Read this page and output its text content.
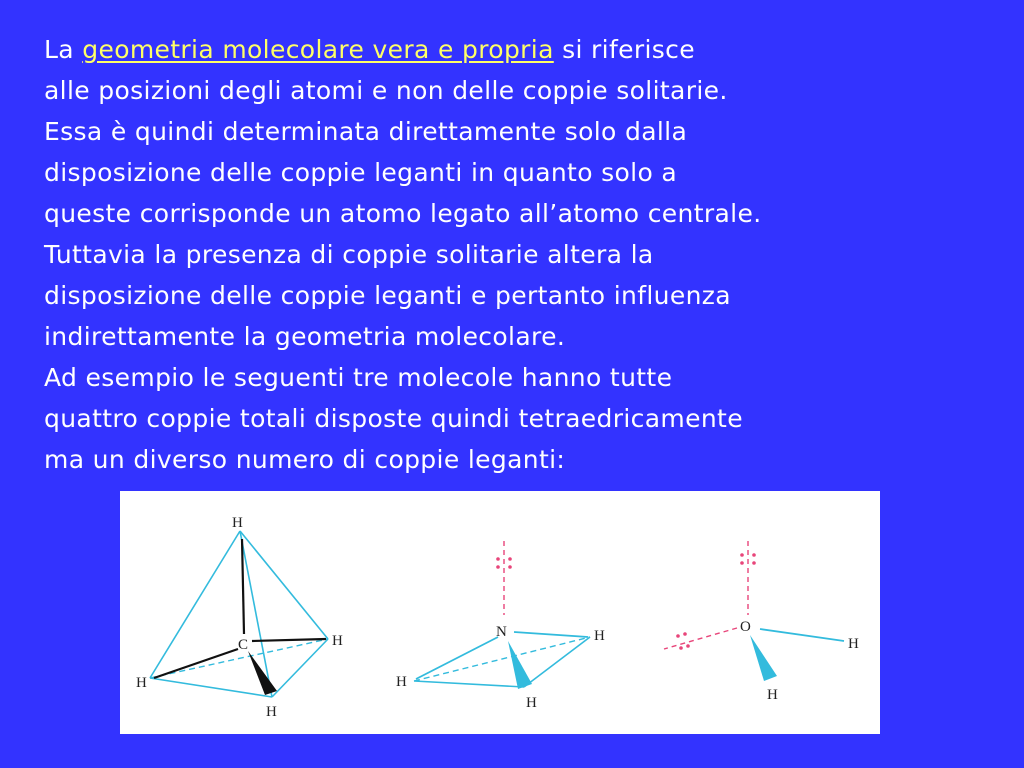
La geometria molecolare vera e propria si riferisce
alle posizioni degli atomi e non delle coppie solitarie.
Essa è quindi determinata direttamente solo dalla
disposizione delle coppie leganti in quanto solo a
queste corrisponde un atomo legato all’atomo centrale.
Tuttavia la presenza di coppie solitarie altera la
disposizione delle coppie leganti e pertanto influenza
indirettamente la geometria molecolare.
Ad esempio le seguenti tre molecole hanno tutte
quattro coppie totali disposte quindi tetraedricamente
ma un diverso numero di coppie leganti:
H
C	H
H
H
N	H
H
H
O
H
H
